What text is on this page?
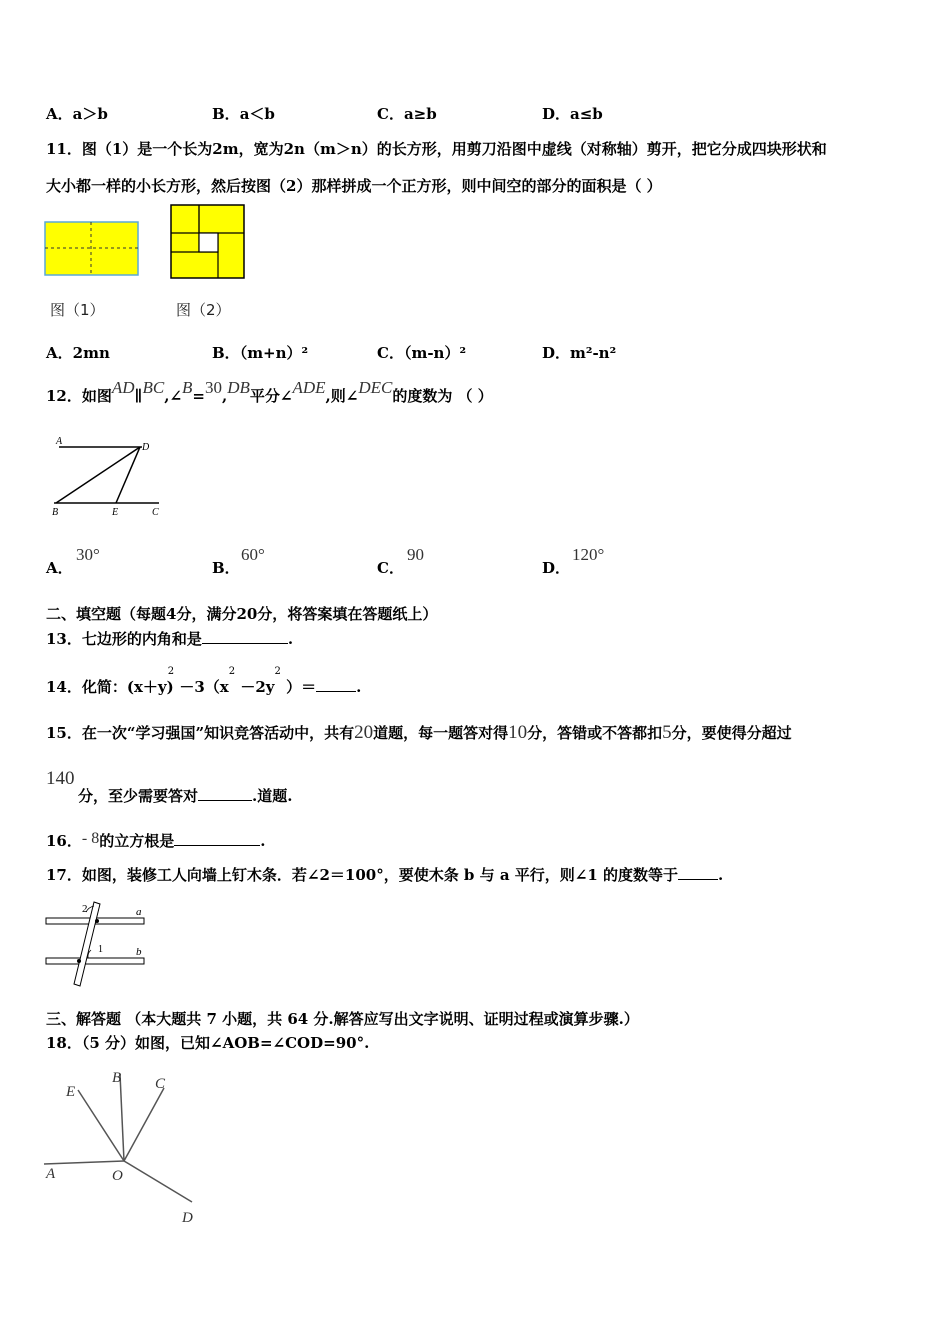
A．a＞b	B．a＜b	C．a≥b	D．a≤b
11．图（1）是一个长为2m，宽为2n（m＞n）的长方形，用剪刀沿图中虚线（对称轴）剪开，把它分成四块形状和
大小都一样的小长方形，然后按图（2）那样拼成一个正方形，则中间空的部分的面积是（ ）
图（1）	图（2）
A．2mn	B．（m+n）²	C．（m-n）²	D．m²-n²
12．如图AD∥BC,∠B=30,DB平分∠ADE,则∠DEC的度数为 （ ）
A
D
B	E	C
A．
30°
B．
60°
C．
90
D．
120°
二、填空题（每题4分，满分20分，将答案填在答题纸上）
13．七边形的内角和是	.
14．化简：$(x+y)^2 -3(x^2 -2y^2$ ）＝	.
15．在一次“学习强国”知识竞答活动中，共有20道题，每一题答对得10分，答错或不答都扣5分，要使得分超过
140
分，至少需要答对	.道题.
16．- 8的立方根是	.
17．如图，装修工人向墙上钉木条．若∠2＝100°，要使木条 b 与 a 平行，则∠1 的度数等于	.
2
1
a
b
三、解答题 （本大题共 7 小题，共 64 分.解答应写出文字说明、证明过程或演算步骤.）
18．（5 分）如图，已知∠AOB=∠COD=90°.
E
B C
A	O
D
